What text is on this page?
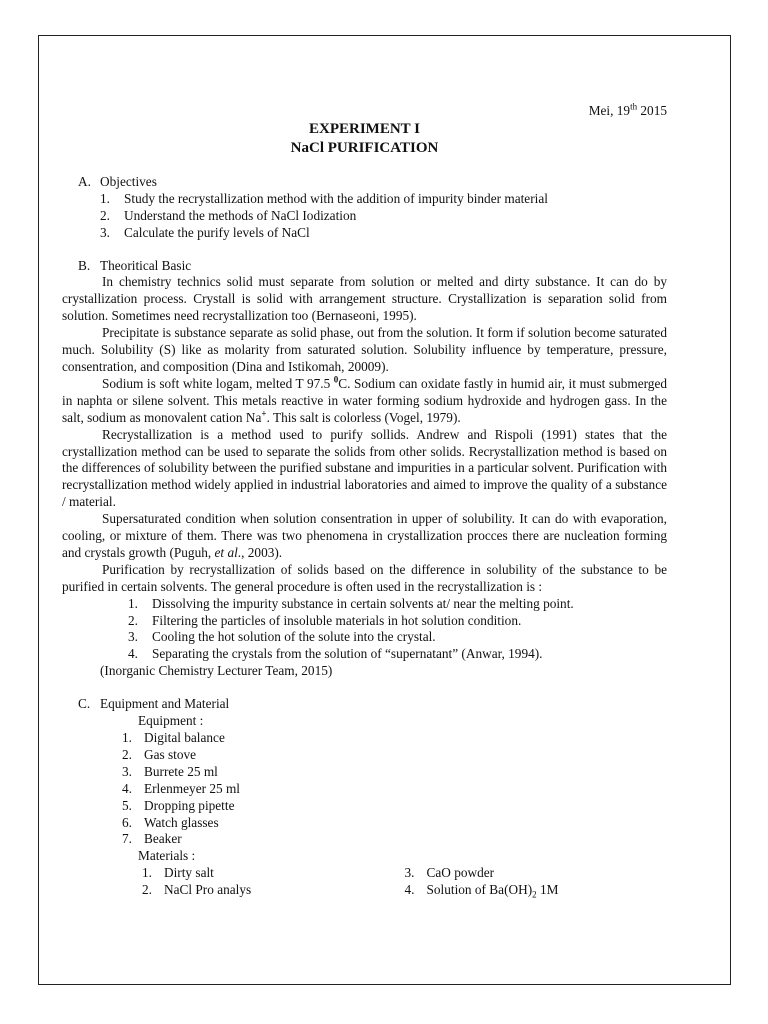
Mei, 19th 2015
EXPERIMENT I
NaCl PURIFICATION
A. Objectives
1.	Study the recrystallization method with the addition of impurity binder material
2.	Understand the methods of NaCl Iodization
3.	Calculate the purify levels of NaCl
B. Theoritical Basic

In chemistry technics solid must separate from solution or melted and dirty substance. It can do by crystallization process. Crystall is solid with arrangement structure. Crystallization is separation solid from solution. Sometimes need recrystallization too (Bernaseoni, 1995).

Precipitate is substance separate as solid phase, out from the solution. It form if solution become saturated much. Solubility (S) like as molarity from saturated solution. Solubility influence by temperature, pressure, consentration, and composition (Dina and Istikomah, 20009).

Sodium is soft white logam, melted T 97.5 $^0$C. Sodium can oxidate fastly in humid air, it must submerged in naphta or silene solvent. This metals reactive in water forming sodium hydroxide and hydrogen gass. In the salt, sodium as monovalent cation Na+. This salt is colorless (Vogel, 1979).

Recrystallization is a method used to purify sollids. Andrew and Rispoli (1991) states that the crystallization method can be used to separate the solids from other solids. Recrystallization method is based on the differences of solubility between the purified substane and impurities in a particular solvent. Purification with recrystallization method widely applied in industrial laboratories and aimed to improve the quality of a substance / material.

Supersaturated condition when solution consentration in upper of solubility. It can do with evaporation, cooling, or mixture of them. There was two phenomena in crystallization procces there are nucleation forming and crystals growth (Puguh, et al., 2003).

Purification by recrystallization of solids based on the difference in solubility of the substance to be purified in certain solvents. The general procedure is often used in the recrystallization is :

1.	Dissolving the impurity substance in certain solvents at/ near the melting point.
2.	Filtering the particles of insoluble materials in hot solution condition.
3.	Cooling the hot solution of the solute into the crystal.
4.	Separating the crystals from the solution of “supernatant” (Anwar, 1994).
(Inorganic Chemistry Lecturer Team, 2015)
C. Equipment and Material
Equipment :
1. Digital balance
2. Gas stove
3. Burrete 25 ml
4. Erlenmeyer 25 ml
5. Dropping pipette
6. Watch glasses
7. Beaker
Materials :
1. Dirty salt
2. NaCl Pro analys
3. CaO powder
4. Solution of $Ba(OH)_2$ 1M
